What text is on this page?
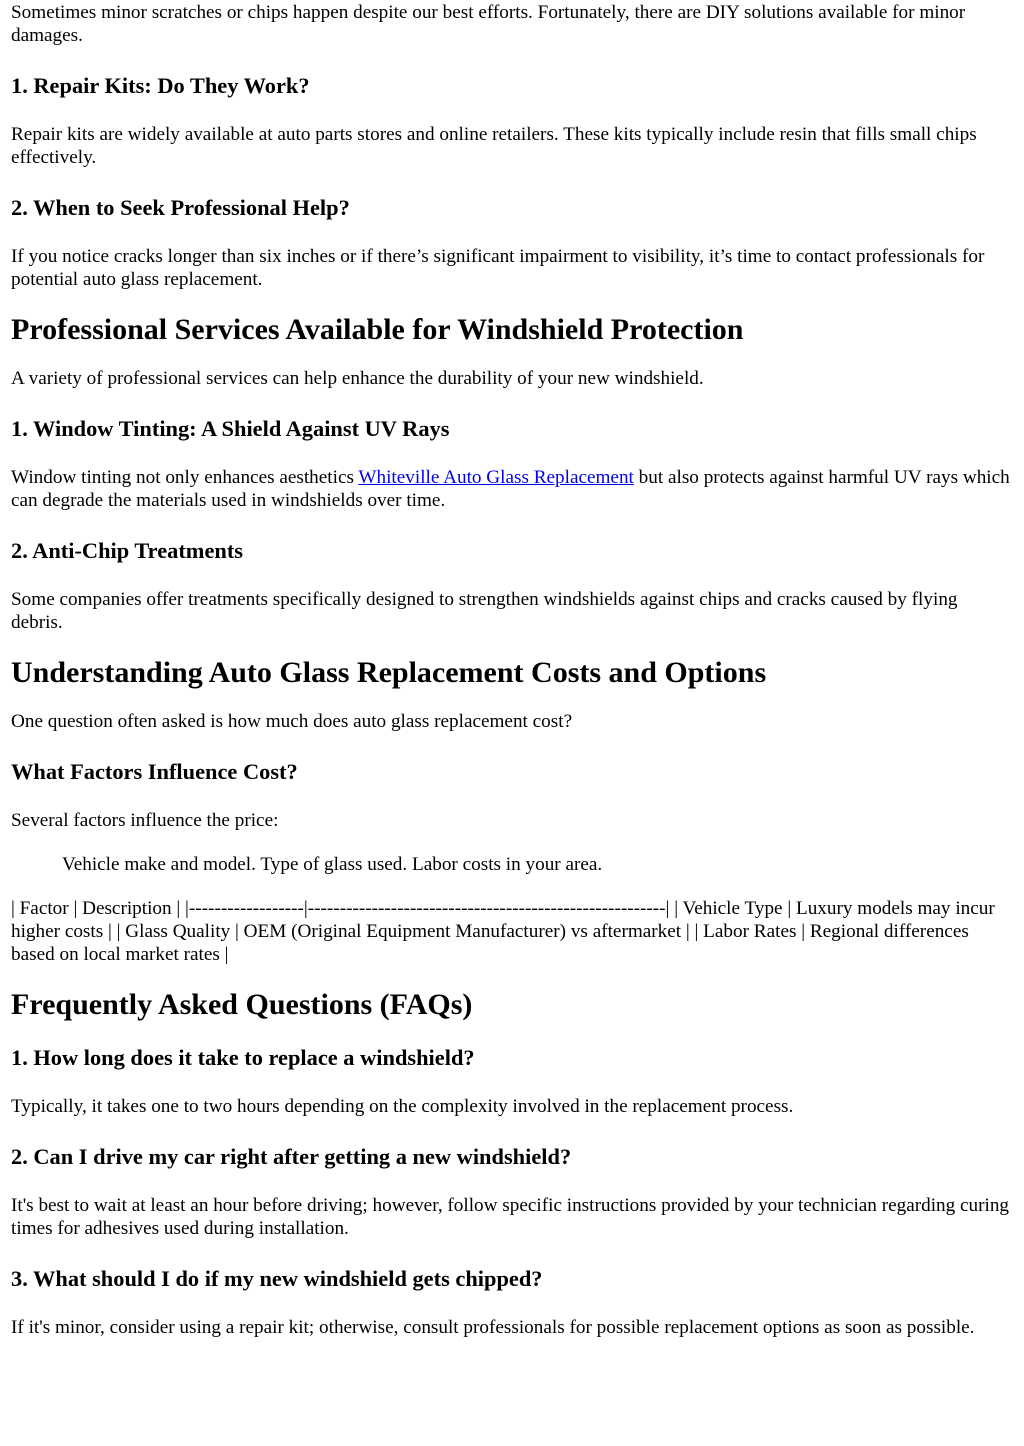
Sometimes minor scratches or chips happen despite our best efforts. Fortunately, there are DIY solutions available for minor damages.

1. Repair Kits: Do They Work?

Repair kits are widely available at auto parts stores and online retailers. These kits typically include resin that fills small chips effectively.

2. When to Seek Professional Help?

If you notice cracks longer than six inches or if there’s significant impairment to visibility, it’s time to contact professionals for potential auto glass replacement.

Professional Services Available for Windshield Protection

A variety of professional services can help enhance the durability of your new windshield.

1. Window Tinting: A Shield Against UV Rays

Window tinting not only enhances aesthetics Whiteville Auto Glass Replacement but also protects against harmful UV rays which can degrade the materials used in windshields over time.

2. Anti-Chip Treatments

Some companies offer treatments specifically designed to strengthen windshields against chips and cracks caused by flying debris.

Understanding Auto Glass Replacement Costs and Options

One question often asked is how much does auto glass replacement cost?

What Factors Influence Cost?

Several factors influence the price:

Vehicle make and model. Type of glass used. Labor costs in your area.

| Factor | Description | |------------------|--------------------------------------------------------| | Vehicle Type | Luxury models may incur higher costs | | Glass Quality | OEM (Original Equipment Manufacturer) vs aftermarket | | Labor Rates | Regional differences based on local market rates |

Frequently Asked Questions (FAQs)
1. How long does it take to replace a windshield?

Typically, it takes one to two hours depending on the complexity involved in the replacement process.

2. Can I drive my car right after getting a new windshield?

It's best to wait at least an hour before driving; however, follow specific instructions provided by your technician regarding curing times for adhesives used during installation.

3. What should I do if my new windshield gets chipped?

If it's minor, consider using a repair kit; otherwise, consult professionals for possible replacement options as soon as possible.
